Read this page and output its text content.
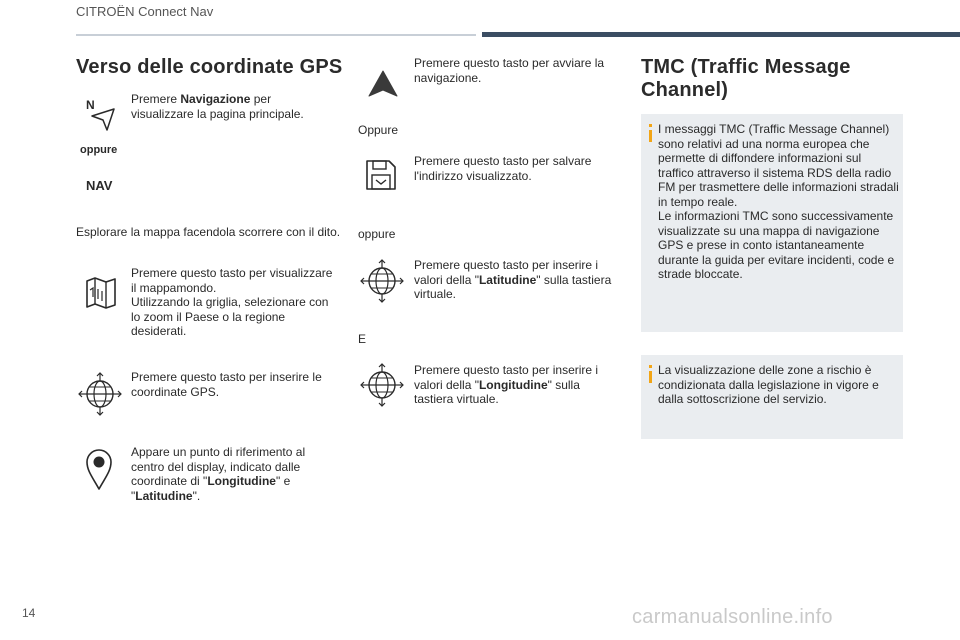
CITROËN Connect Nav
Verso delle coordinate GPS
N	Premere Navigazione per visualizzare la pagina principale.
oppure
NAV
Esplorare la mappa facendola scorrere con il dito.
Premere questo tasto per visualizzare il mappamondo.
Utilizzando la griglia, selezionare con lo zoom il Paese o la regione desiderati.
Premere questo tasto per inserire le coordinate GPS.
Appare un punto di riferimento al centro del display, indicato dalle coordinate di "Longitudine" e "Latitudine".
Premere questo tasto per avviare la navigazione.
Oppure
Premere questo tasto per salvare l'indirizzo visualizzato.
oppure
Premere questo tasto per inserire i valori della "Latitudine" sulla tastiera virtuale.
E
Premere questo tasto per inserire i valori della "Longitudine" sulla tastiera virtuale.
TMC (Traffic Message
Channel)
I messaggi TMC (Traffic Message Channel) sono relativi ad una norma europea che permette di diffondere informazioni sul traffico attraverso il sistema RDS della radio FM per trasmettere delle informazioni stradali in tempo reale.
Le informazioni TMC sono successivamente visualizzate su una mappa di navigazione GPS e prese in conto istantaneamente durante la guida per evitare incidenti, code e strade bloccate.
La visualizzazione delle zone a rischio è condizionata dalla legislazione in vigore e dalla sottoscrizione del servizio.
14	carmanualsonline.info
